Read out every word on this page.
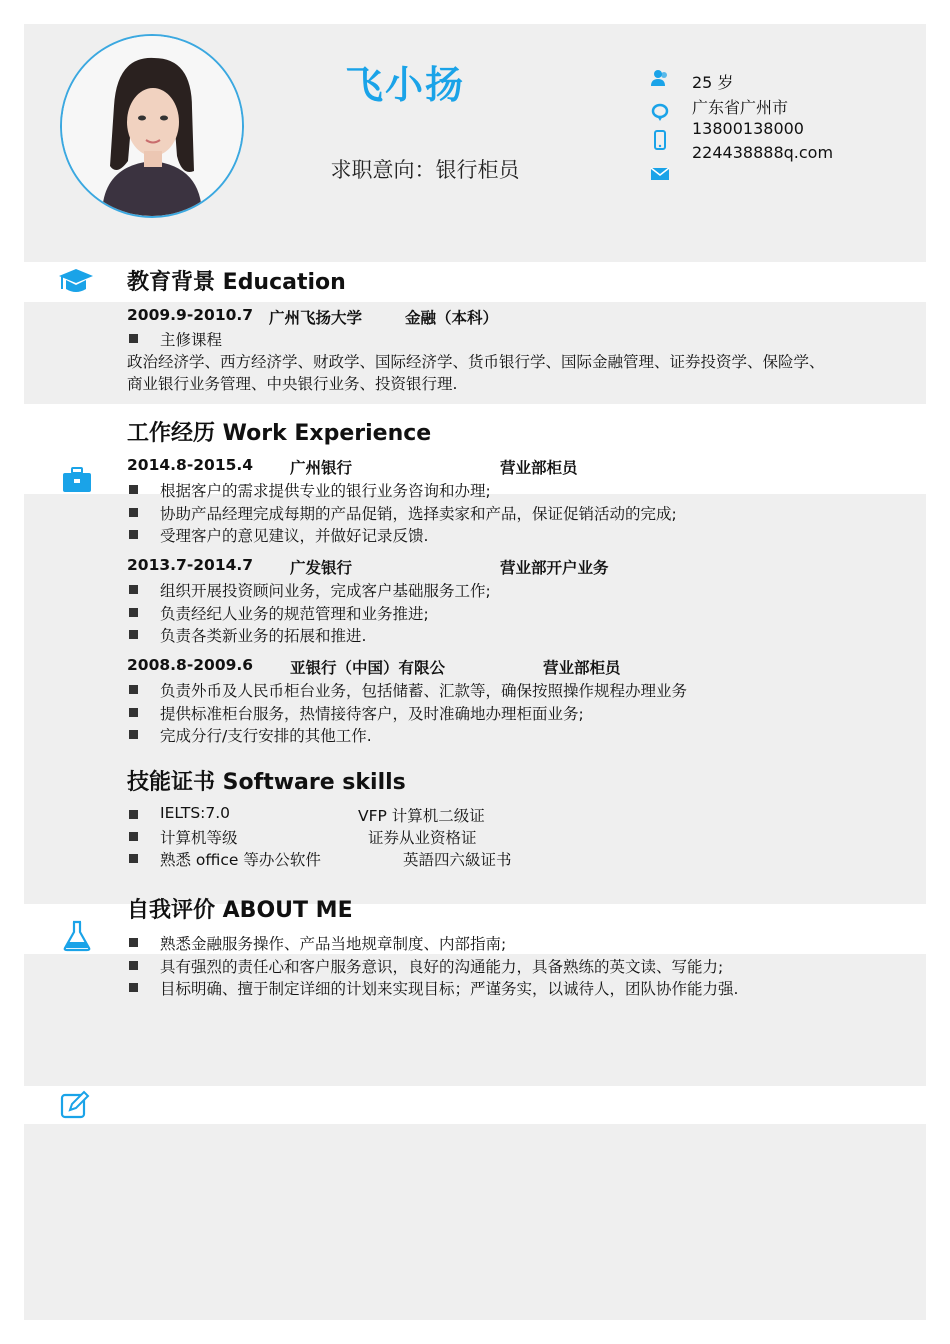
飞小扬
求职意向：银行柜员
25 岁
广东省广州市
13800138000
224438888q.com
教育背景 Education
2009.9-2010.7 广州飞扬大学	金融（本科）
主修课程
政治经济学、西方经济学、财政学、国际经济学、货币银行学、国际金融管理、证券投资学、保险学、
商业银行业务管理、中央银行业务、投资银行理.
工作经历 Work Experience
2014.8-2015.4 广州银行	营业部柜员
根据客户的需求提供专业的银行业务咨询和办理;
协助产品经理完成每期的产品促销，选择卖家和产品，保证促销活动的完成;
受理客户的意见建议，并做好记录反馈.
2013.7-2014.7 广发银行	营业部开户业务
组织开展投资顾问业务，完成客户基础服务工作;
负责经纪人业务的规范管理和业务推进;
负责各类新业务的拓展和推进.
2008.8-2009.6 亚银行（中国）有限公	营业部柜员
负责外币及人民币柜台业务，包括储蓄、汇款等，确保按照操作规程办理业务
提供标准柜台服务，热情接待客户，及时准确地办理柜面业务;
完成分行/支行安排的其他工作.
技能证书 Software skills
IELTS:7.0	VFP 计算机二级证
计算机等级	证券从业资格证
熟悉 office 等办公软件	英語四六級证书
自我评价 ABOUT ME
熟悉金融服务操作、产品当地规章制度、内部指南;
具有强烈的责任心和客户服务意识，良好的沟通能力，具备熟练的英文读、写能力;
目标明确、擅于制定详细的计划来实现目标；严谨务实，以诚待人，团队协作能力强.
